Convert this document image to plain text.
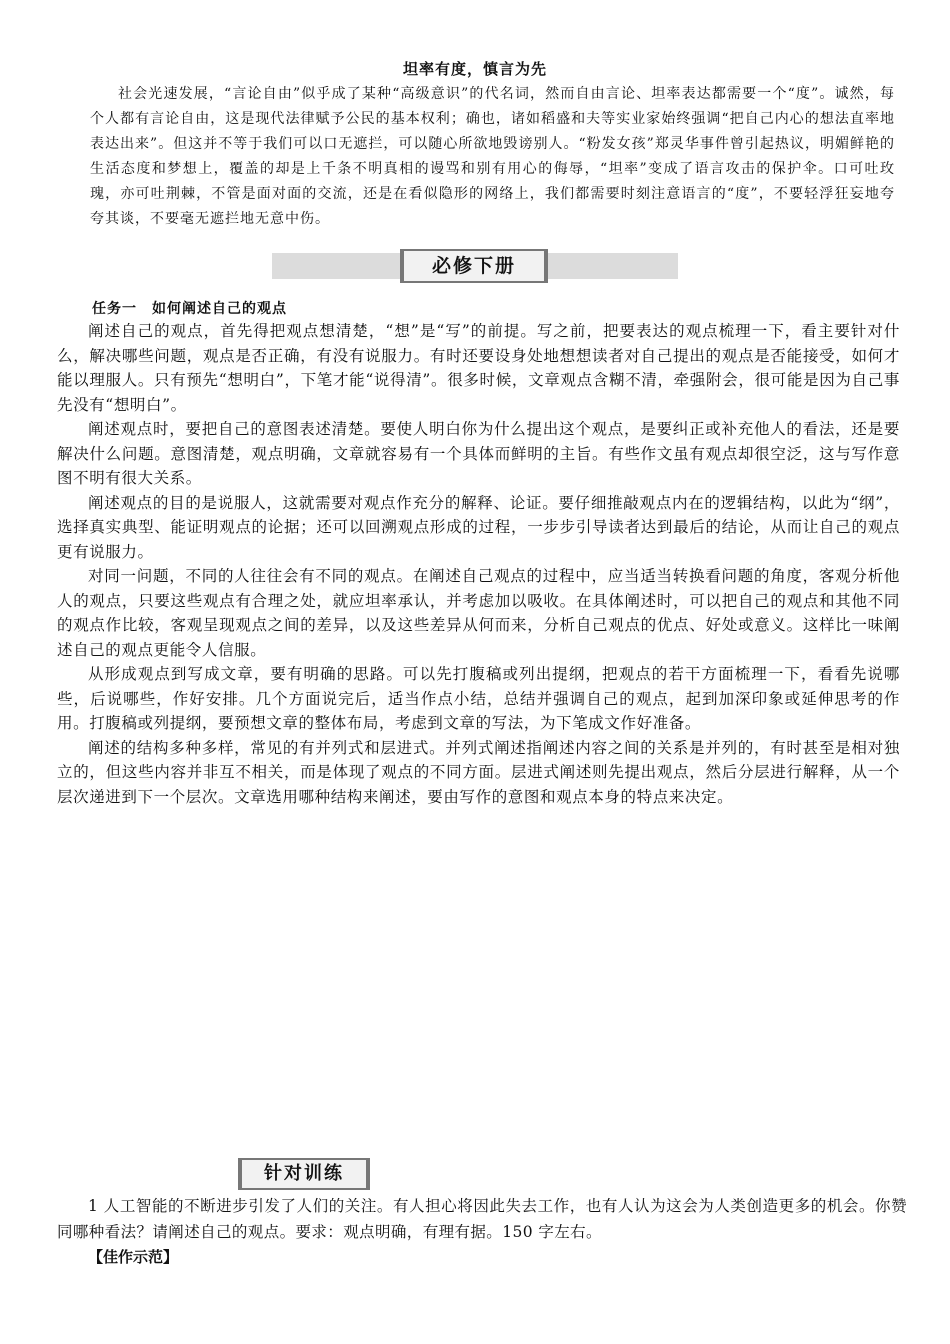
坦率有度，慎言为先
社会光速发展，“言论自由”似乎成了某种“高级意识”的代名词，然而自由言论、坦率表达都需要一个“度”。诚然，每个人都有言论自由，这是现代法律赋予公民的基本权利；确也，诸如稻盛和夫等实业家始终强调“把自己内心的想法直率地表达出来”。但这并不等于我们可以口无遮拦，可以随心所欲地毁谤别人。“粉发女孩”郑灵华事件曾引起热议，明媚鲜艳的生活态度和梦想上，覆盖的却是上千条不明真相的谩骂和别有用心的侮辱，“坦率”变成了语言攻击的保护伞。口可吐玫瑰，亦可吐荆棘，不管是面对面的交流，还是在看似隐形的网络上，我们都需要时刻注意语言的“度”，不要轻浮狂妄地夸夸其谈，不要毫无遮拦地无意中伤。
必修下册
任务一　如何阐述自己的观点

阐述自己的观点，首先得把观点想清楚，“想”是“写”的前提。写之前，把要表达的观点梳理一下，看主要针对什么，解决哪些问题，观点是否正确，有没有说服力。有时还要设身处地想想读者对自己提出的观点是否能接受，如何才能以理服人。只有预先“想明白”，下笔才能“说得清”。很多时候，文章观点含糊不清，牵强附会，很可能是因为自己事先没有“想明白”。

阐述观点时，要把自己的意图表述清楚。要使人明白你为什么提出这个观点，是要纠正或补充他人的看法，还是要解决什么问题。意图清楚，观点明确，文章就容易有一个具体而鲜明的主旨。有些作文虽有观点却很空泛，这与写作意图不明有很大关系。

阐述观点的目的是说服人，这就需要对观点作充分的解释、论证。要仔细推敲观点内在的逻辑结构，以此为“纲”，选择真实典型、能证明观点的论据；还可以回溯观点形成的过程，一步步引导读者达到最后的结论，从而让自己的观点更有说服力。

对同一问题，不同的人往往会有不同的观点。在阐述自己观点的过程中，应当适当转换看问题的角度，客观分析他人的观点，只要这些观点有合理之处，就应坦率承认，并考虑加以吸收。在具体阐述时，可以把自己的观点和其他不同的观点作比较，客观呈现观点之间的差异，以及这些差异从何而来，分析自己观点的优点、好处或意义。这样比一味阐述自己的观点更能令人信服。

从形成观点到写成文章，要有明确的思路。可以先打腹稿或列出提纲，把观点的若干方面梳理一下，看看先说哪些，后说哪些，作好安排。几个方面说完后，适当作点小结，总结并强调自己的观点，起到加深印象或延伸思考的作用。打腹稿或列提纲，要预想文章的整体布局，考虑到文章的写法，为下笔成文作好准备。

阐述的结构多种多样，常见的有并列式和层进式。并列式阐述指阐述内容之间的关系是并列的，有时甚至是相对独立的，但这些内容并非互不相关，而是体现了观点的不同方面。层进式阐述则先提出观点，然后分层进行解释，从一个层次递进到下一个层次。文章选用哪种结构来阐述，要由写作的意图和观点本身的特点来决定。

针对训练
1 人工智能的不断进步引发了人们的关注。有人担心将因此失去工作，也有人认为这会为人类创造更多的机会。你赞同哪种看法？请阐述自己的观点。要求：观点明确，有理有据。150 字左右。
【佳作示范】
